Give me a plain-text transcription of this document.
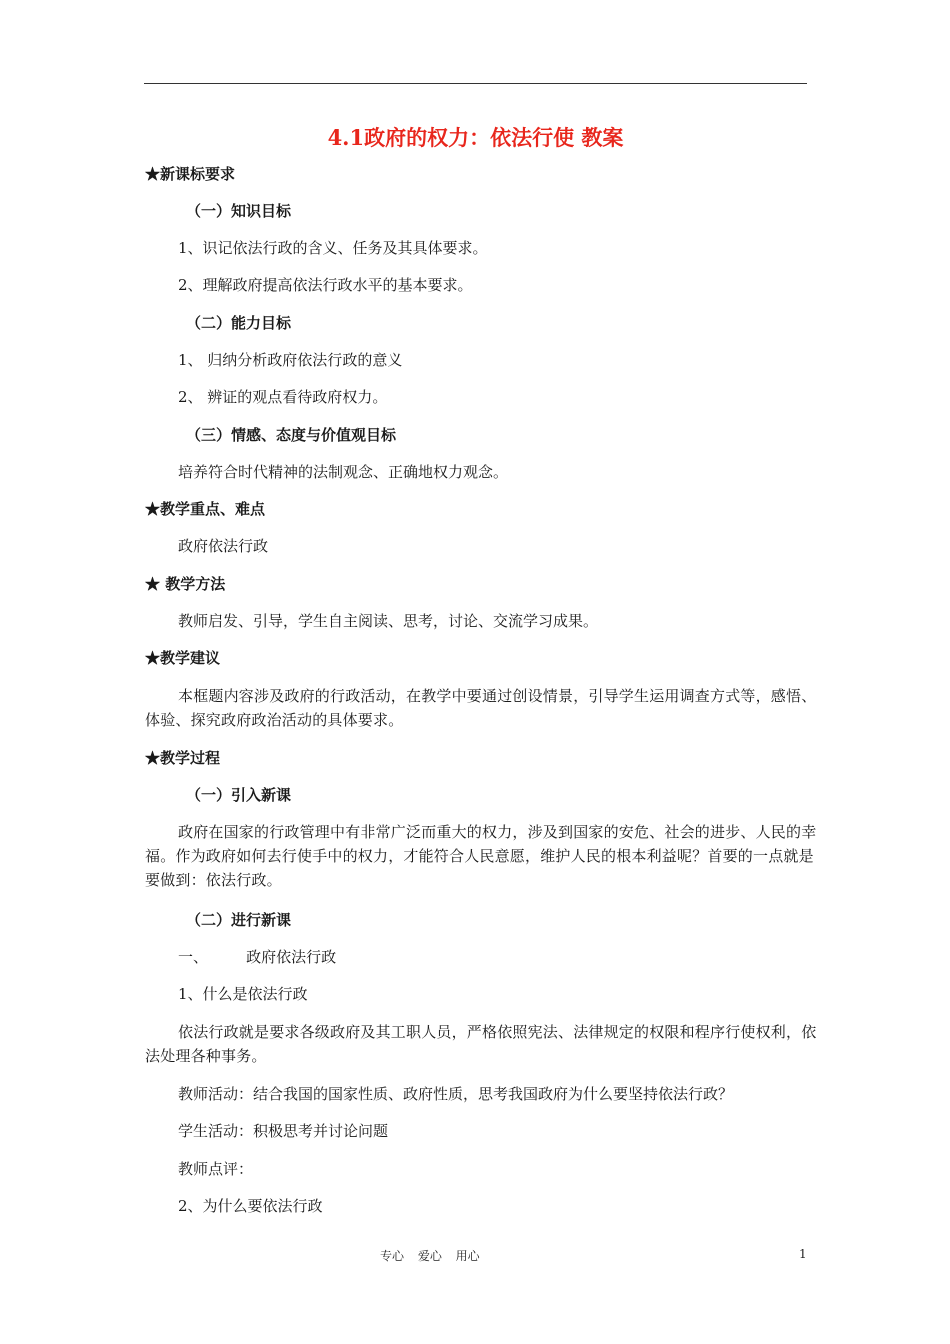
4.1政府的权力：依法行使 教案
★新课标要求
（一）知识目标
1、识记依法行政的含义、任务及其具体要求。
2、理解政府提高依法行政水平的基本要求。
（二）能力目标
1、 归纳分析政府依法行政的意义
2、 辨证的观点看待政府权力。
（三）情感、态度与价值观目标
培养符合时代精神的法制观念、正确地权力观念。
★教学重点、难点
政府依法行政
★ 教学方法
教师启发、引导，学生自主阅读、思考，讨论、交流学习成果。
★教学建议
本框题内容涉及政府的行政活动，在教学中要通过创设情景，引导学生运用调查方式等，感悟、体验、探究政府政治活动的具体要求。
★教学过程
（一）引入新课
政府在国家的行政管理中有非常广泛而重大的权力，涉及到国家的安危、社会的进步、人民的幸福。作为政府如何去行使手中的权力，才能符合人民意愿，维护人民的根本利益呢？首要的一点就是要做到：依法行政。
（二）进行新课
一、        政府依法行政
1、什么是依法行政
依法行政就是要求各级政府及其工职人员，严格依照宪法、法律规定的权限和程序行使权利，依法处理各种事务。
教师活动：结合我国的国家性质、政府性质，思考我国政府为什么要坚持依法行政？
学生活动：积极思考并讨论问题
教师点评：
2、为什么要依法行政
专心 爱心 用心	1
